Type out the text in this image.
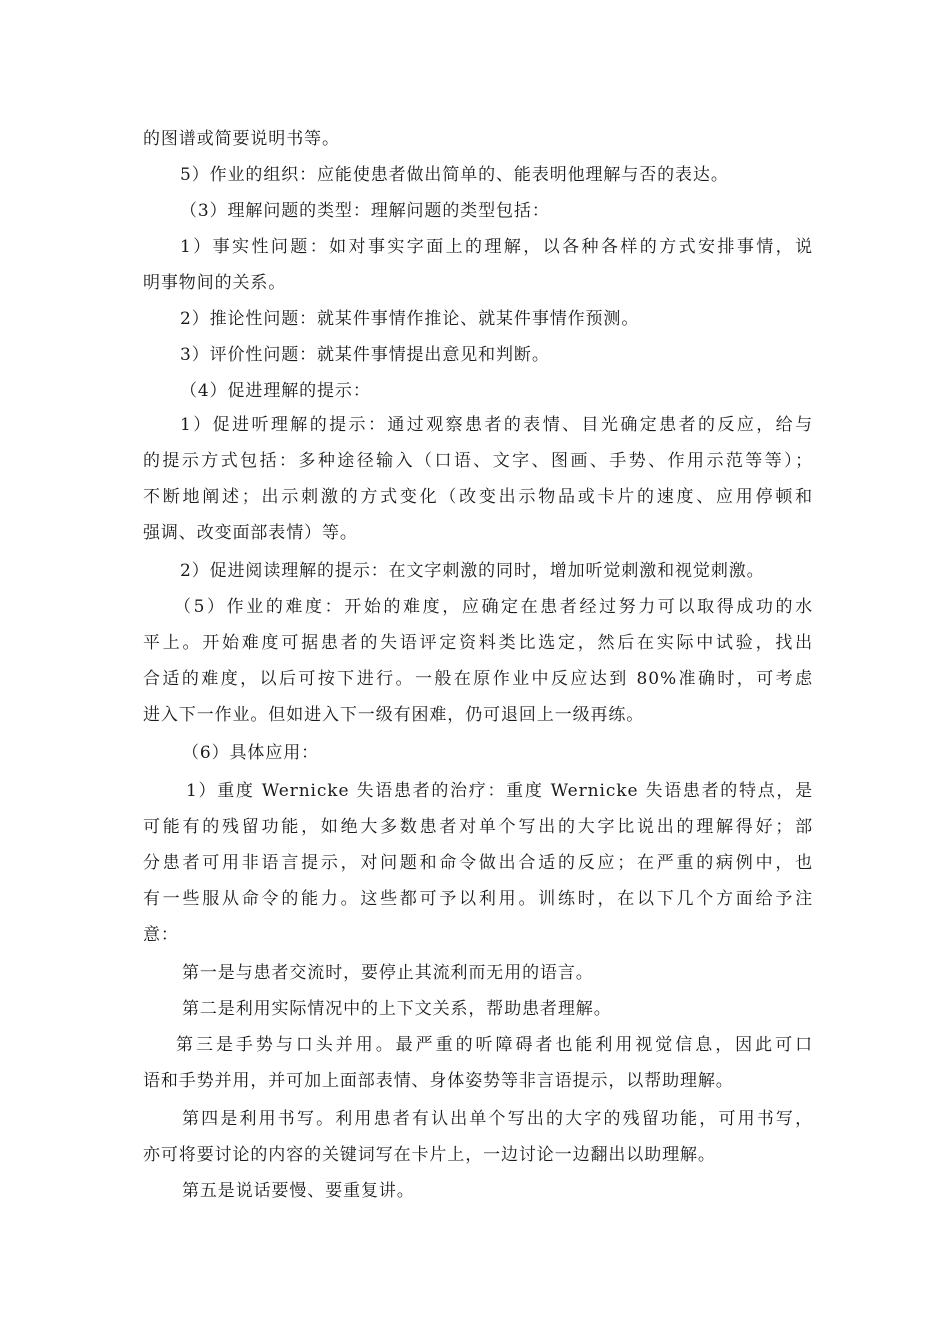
的图谱或简要说明书等。
5）作业的组织：应能使患者做出简单的、能表明他理解与否的表达。
（3）理解问题的类型：理解问题的类型包括：
1）事实性问题：如对事实字面上的理解，以各种各样的方式安排事情，说
明事物间的关系。
2）推论性问题：就某件事情作推论、就某件事情作预测。
3）评价性问题：就某件事情提出意见和判断。
（4）促进理解的提示：
1）促进听理解的提示：通过观察患者的表情、目光确定患者的反应，给与
的提示方式包括：多种途径输入（口语、文字、图画、手势、作用示范等等）；
不断地阐述；出示刺激的方式变化（改变出示物品或卡片的速度、应用停顿和
强调、改变面部表情）等。
2）促进阅读理解的提示：在文字刺激的同时，增加听觉刺激和视觉刺激。
（5）作业的难度：开始的难度，应确定在患者经过努力可以取得成功的水
平上。开始难度可据患者的失语评定资料类比选定，然后在实际中试验，找出
合适的难度，以后可按下进行。一般在原作业中反应达到 80%准确时，可考虑
进入下一作业。但如进入下一级有困难，仍可退回上一级再练。
（6）具体应用：
1）重度 Wernicke 失语患者的治疗：重度 Wernicke 失语患者的特点，是
可能有的残留功能，如绝大多数患者对单个写出的大字比说出的理解得好；部
分患者可用非语言提示，对问题和命令做出合适的反应；在严重的病例中，也
有一些服从命令的能力。这些都可予以利用。训练时，在以下几个方面给予注
意：
第一是与患者交流时，要停止其流利而无用的语言。
第二是利用实际情况中的上下文关系，帮助患者理解。
第三是手势与口头并用。最严重的听障碍者也能利用视觉信息，因此可口
语和手势并用，并可加上面部表情、身体姿势等非言语提示，以帮助理解。
第四是利用书写。利用患者有认出单个写出的大字的残留功能，可用书写，
亦可将要讨论的内容的关键词写在卡片上，一边讨论一边翻出以助理解。
第五是说话要慢、要重复讲。
